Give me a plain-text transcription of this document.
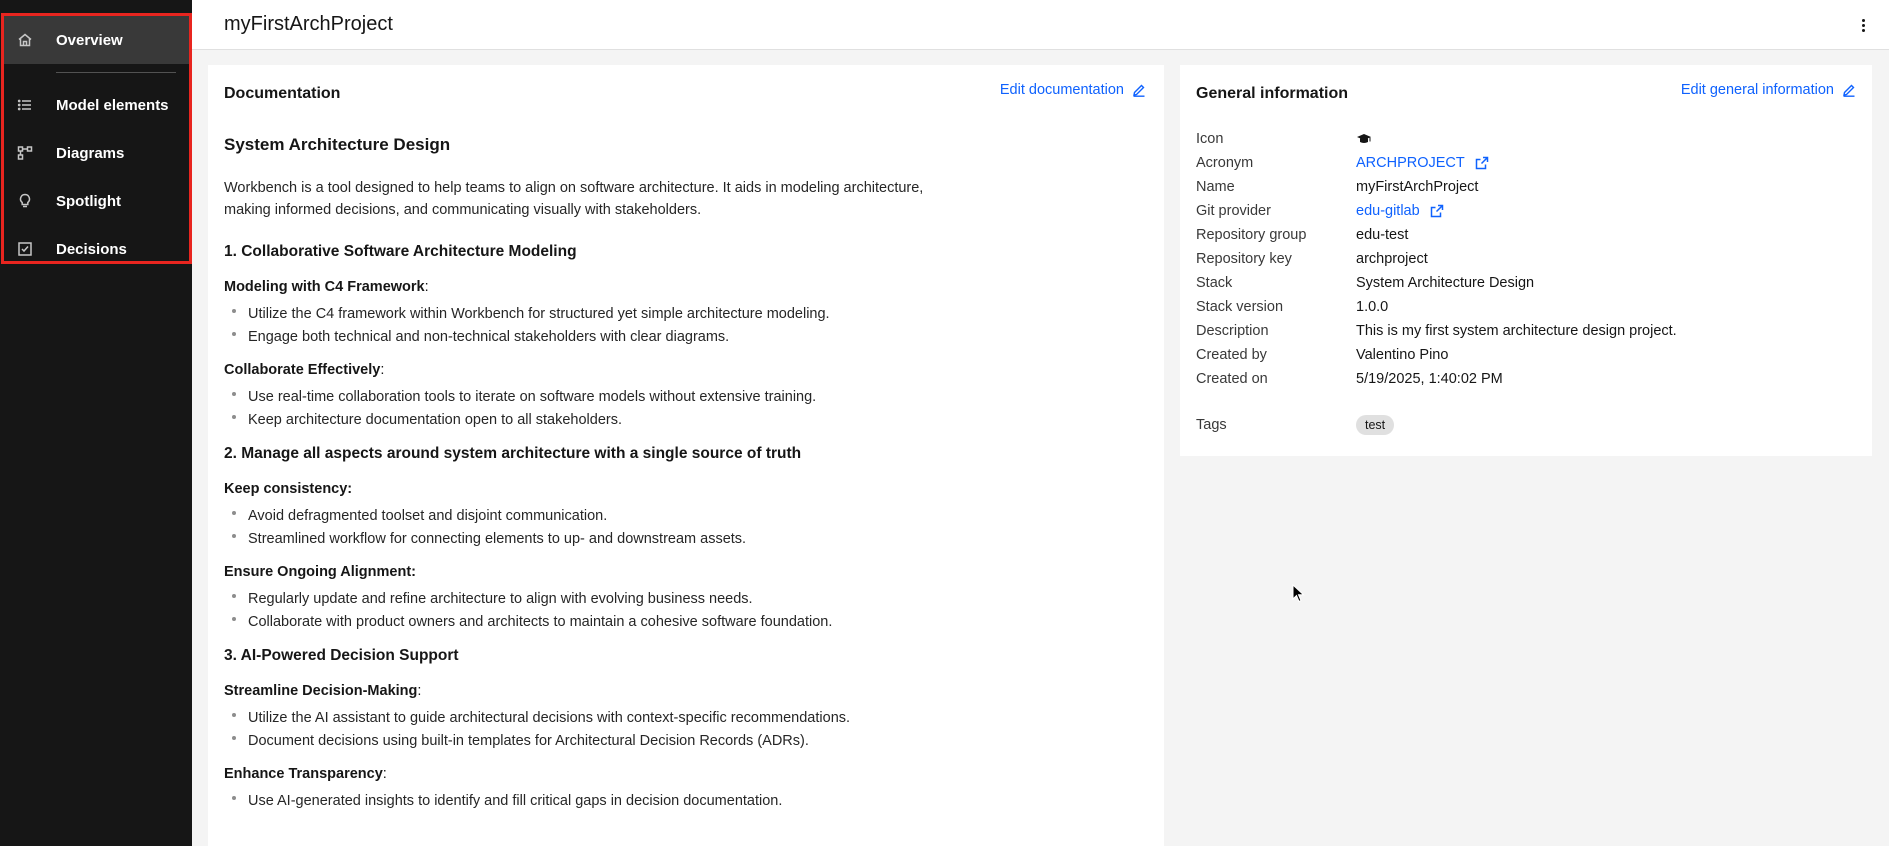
Overview
Model elements
Diagrams
Spotlight
Decisions
myFirstArchProject
Documentation	Edit documentation
System Architecture Design
Workbench is a tool designed to help teams to align on software architecture. It aids in modeling architecture, making informed decisions, and communicating visually with stakeholders.
1. Collaborative Software Architecture Modeling
Modeling with C4 Framework:
Utilize the C4 framework within Workbench for structured yet simple architecture modeling.
Engage both technical and non-technical stakeholders with clear diagrams.
Collaborate Effectively:
Use real-time collaboration tools to iterate on software models without extensive training.
Keep architecture documentation open to all stakeholders.
2. Manage all aspects around system architecture with a single source of truth
Keep consistency:
Avoid defragmented toolset and disjoint communication.
Streamlined workflow for connecting elements to up- and downstream assets.
Ensure Ongoing Alignment:
Regularly update and refine architecture to align with evolving business needs.
Collaborate with product owners and architects to maintain a cohesive software foundation.
3. AI-Powered Decision Support
Streamline Decision-Making:
Utilize the AI assistant to guide architectural decisions with context-specific recommendations.
Document decisions using built-in templates for Architectural Decision Records (ADRs).
Enhance Transparency:
Use AI-generated insights to identify and fill critical gaps in decision documentation.
General information	Edit general information
Icon
Acronym	ARCHPROJECT
Name	myFirstArchProject
Git provider	edu-gitlab
Repository group	edu-test
Repository key	archproject
Stack	System Architecture Design
Stack version	1.0.0
Description	This is my first system architecture design project.
Created by	Valentino Pino
Created on	5/19/2025, 1:40:02 PM
Tags	test
